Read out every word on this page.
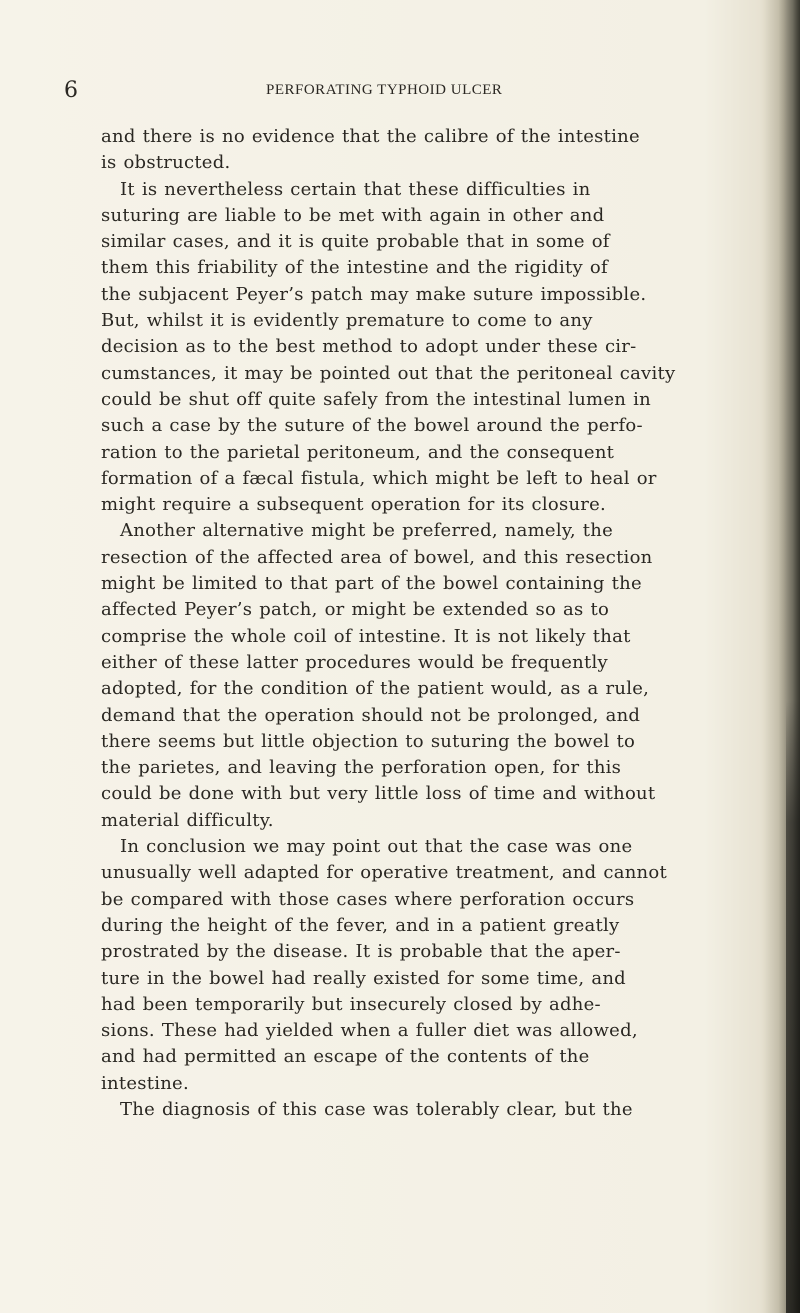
6	PERFORATING TYPHOID ULCER
and there is no evidence that the calibre of the intestine
is obstructed.
It is nevertheless certain that these difficulties in
suturing are liable to be met with again in other and
similar cases, and it is quite probable that in some of
them this friability of the intestine and the rigidity of
the subjacent Peyer’s patch may make suture impossible.
But, whilst it is evidently premature to come to any
decision as to the best method to adopt under these cir-
cumstances, it may be pointed out that the peritoneal cavity
could be shut off quite safely from the intestinal lumen in
such a case by the suture of the bowel around the perfo-
ration to the parietal peritoneum, and the consequent
formation of a fæcal fistula, which might be left to heal or
might require a subsequent operation for its closure.
Another alternative might be preferred, namely, the
resection of the affected area of bowel, and this resection
might be limited to that part of the bowel containing the
affected Peyer’s patch, or might be extended so as to
comprise the whole coil of intestine. It is not likely that
either of these latter procedures would be frequently
adopted, for the condition of the patient would, as a rule,
demand that the operation should not be prolonged, and
there seems but little objection to suturing the bowel to
the parietes, and leaving the perforation open, for this
could be done with but very little loss of time and without
material difficulty.
In conclusion we may point out that the case was one
unusually well adapted for operative treatment, and cannot
be compared with those cases where perforation occurs
during the height of the fever, and in a patient greatly
prostrated by the disease. It is probable that the aper-
ture in the bowel had really existed for some time, and
had been temporarily but insecurely closed by adhe-
sions. These had yielded when a fuller diet was allowed,
and had permitted an escape of the contents of the
intestine.
The diagnosis of this case was tolerably clear, but the
